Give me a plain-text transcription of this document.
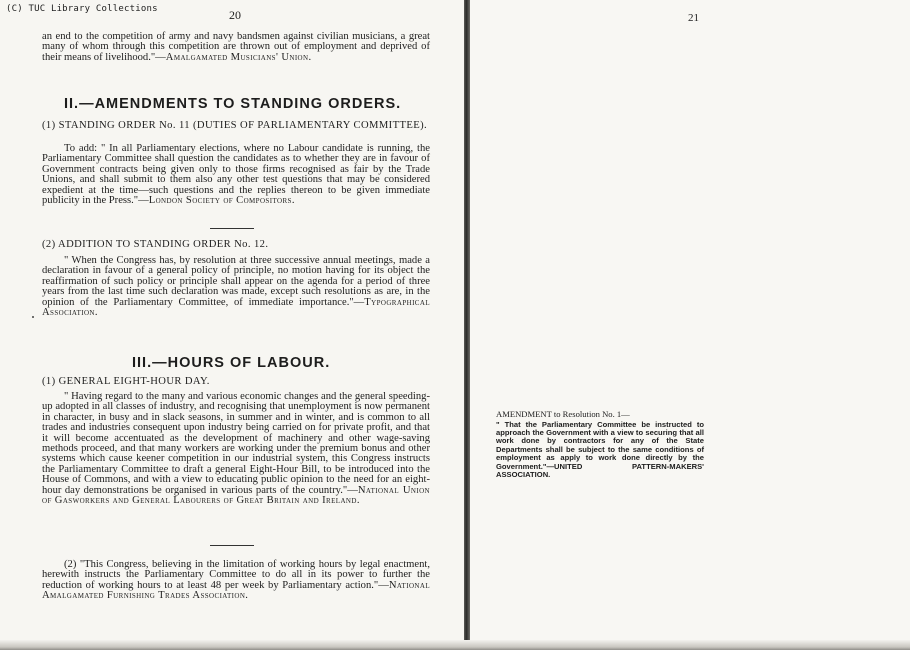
(C) TUC Library Collections	20
an end to the competition of army and navy bandsmen against civilian musicians, a great many of whom through this competition are thrown out of employment and deprived of their means of livelihood."—Amalgamated Musicians' Union.
II.—AMENDMENTS TO STANDING ORDERS.
(1) STANDING ORDER No. 11 (DUTIES OF PARLIAMENTARY COMMITTEE).
To add: " In all Parliamentary elections, where no Labour candidate is running, the Parliamentary Committee shall question the candidates as to whether they are in favour of Government contracts being given only to those firms recognised as fair by the Trade Unions, and shall submit to them also any other test questions that may be considered expedient at the time—such questions and the replies thereon to be given immediate publicity in the Press."—London Society of Compositors.
(2) ADDITION TO STANDING ORDER No. 12.
" When the Congress has, by resolution at three successive annual meetings, made a declaration in favour of a general policy of principle, no motion having for its object the reaffirmation of such policy or principle shall appear on the agenda for a period of three years from the last time such declaration was made, except such resolutions as are, in the opinion of the Parliamentary Committee, of immediate importance."—Typographical Association.
III.—HOURS OF LABOUR.
(1) GENERAL EIGHT-HOUR DAY.
" Having regard to the many and various economic changes and the general speeding-up adopted in all classes of industry, and recognising that unemployment is now permanent in character, in busy and in slack seasons, in summer and in winter, and is common to all trades and industries consequent upon industry being carried on for private profit, and that it will become accentuated as the development of machinery and other wage-saving methods proceed, and that many workers are working under the premium bonus and other systems which cause keener competition in our industrial system, this Congress instructs the Parliamentary Committee to draft a general Eight-Hour Bill, to be introduced into the House of Commons, and with a view to educating public opinion to the need for an eight-hour day demonstrations be organised in various parts of the country."—National Union of Gasworkers and General Labourers of Great Britain and Ireland.
(2) "This Congress, believing in the limitation of working hours by legal enactment, herewith instructs the Parliamentary Committee to do all in its power to further the reduction of working hours to at least 48 per week by Parliamentary action."—National Amalgamated Furnishing Trades Association.
21
AMENDMENT to Resolution No. 1—
" That the Parliamentary Committee be instructed to approach the Government with a view to securing that all work done by contractors for any of the State Departments shall be subject to the same conditions of employment as apply to work done directly by the Government."—UNITED PATTERN-MAKERS' ASSOCIATION.
